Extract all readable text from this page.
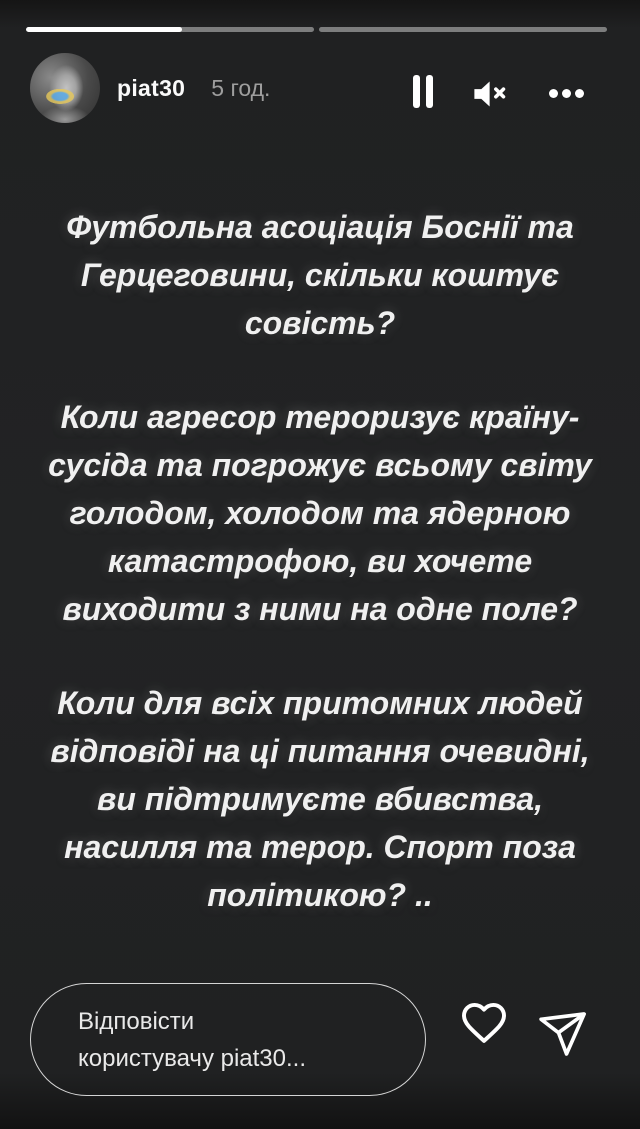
piat30 5 год.
Футбольна асоціація Боснії та
Герцеговини, скільки коштує
совість?
Коли агресор тероризує країну-
сусіда та погрожує всьому світу
голодом, холодом та ядерною
катастрофою, ви хочете
виходити з ними на одне поле?
Коли для всіх притомних людей
відповіді на ці питання очевидні,
ви підтримуєте вбивства,
насилля та терор. Спорт поза
політикою? ..
Відповісти
користувачу piat30...
